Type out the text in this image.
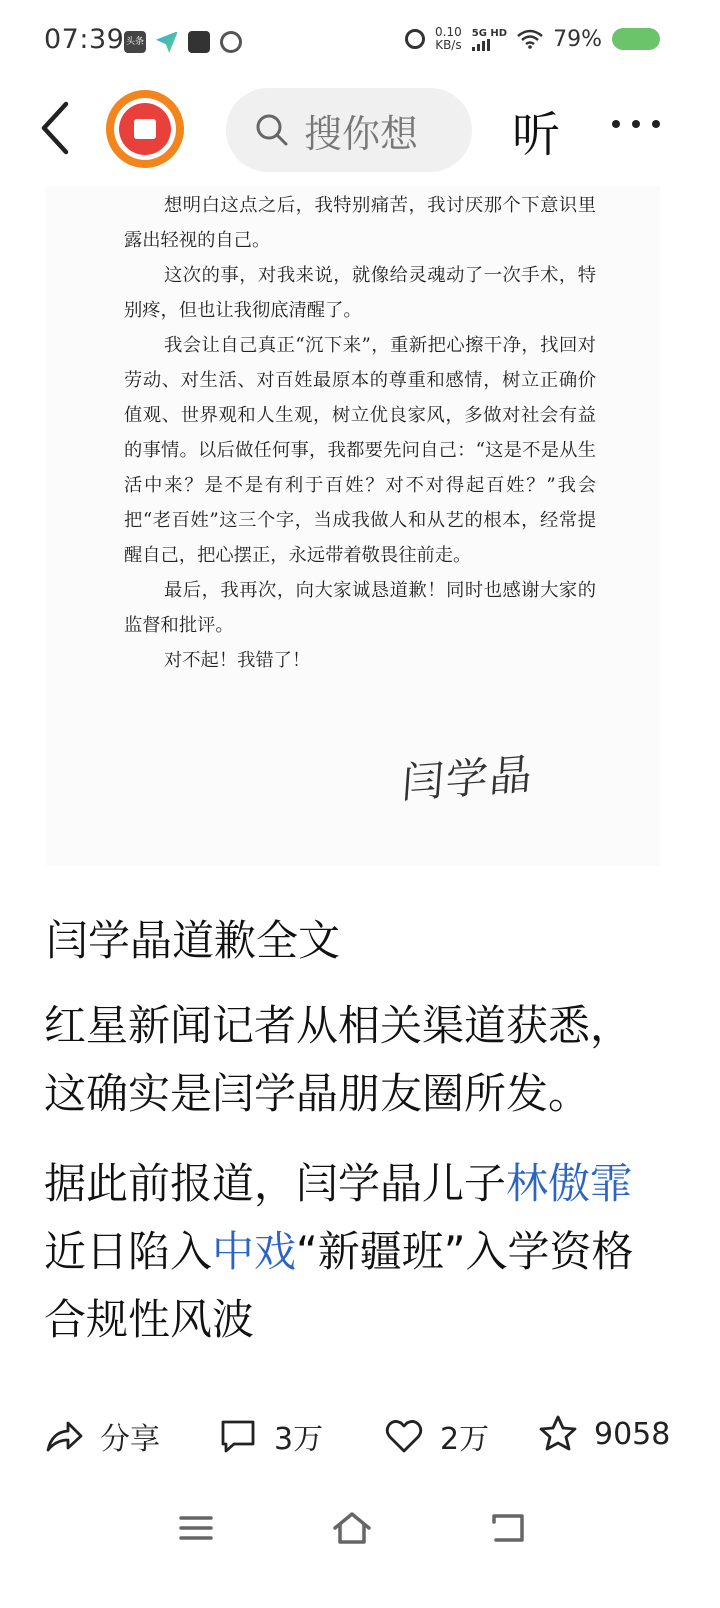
07:39 头条
0.10
KB/s
5G HD 79%
搜你想 听

想明白这点之后，我特别痛苦，我讨厌那个下意识里露出轻视的自己。

这次的事，对我来说，就像给灵魂动了一次手术，特别疼，但也让我彻底清醒了。

我会让自己真正“沉下来”，重新把心擦干净，找回对劳动、对生活、对百姓最原本的尊重和感情，树立正确价值观、世界观和人生观，树立优良家风，多做对社会有益的事情。以后做任何事，我都要先问自己：“这是不是从生活中来？是不是有利于百姓？对不对得起百姓？”我会把“老百姓”这三个字，当成我做人和从艺的根本，经常提醒自己，把心摆正，永远带着敬畏往前走。

最后，我再次，向大家诚恳道歉！同时也感谢大家的监督和批评。

对不起！我错了！

闫学晶
闫学晶道歉全文

红星新闻记者从相关渠道获悉，这确实是闫学晶朋友圈所发。

据此前报道，闫学晶儿子林傲霏近日陷入中戏“新疆班”入学资格合规性风波

分享	3万	2万	9058
